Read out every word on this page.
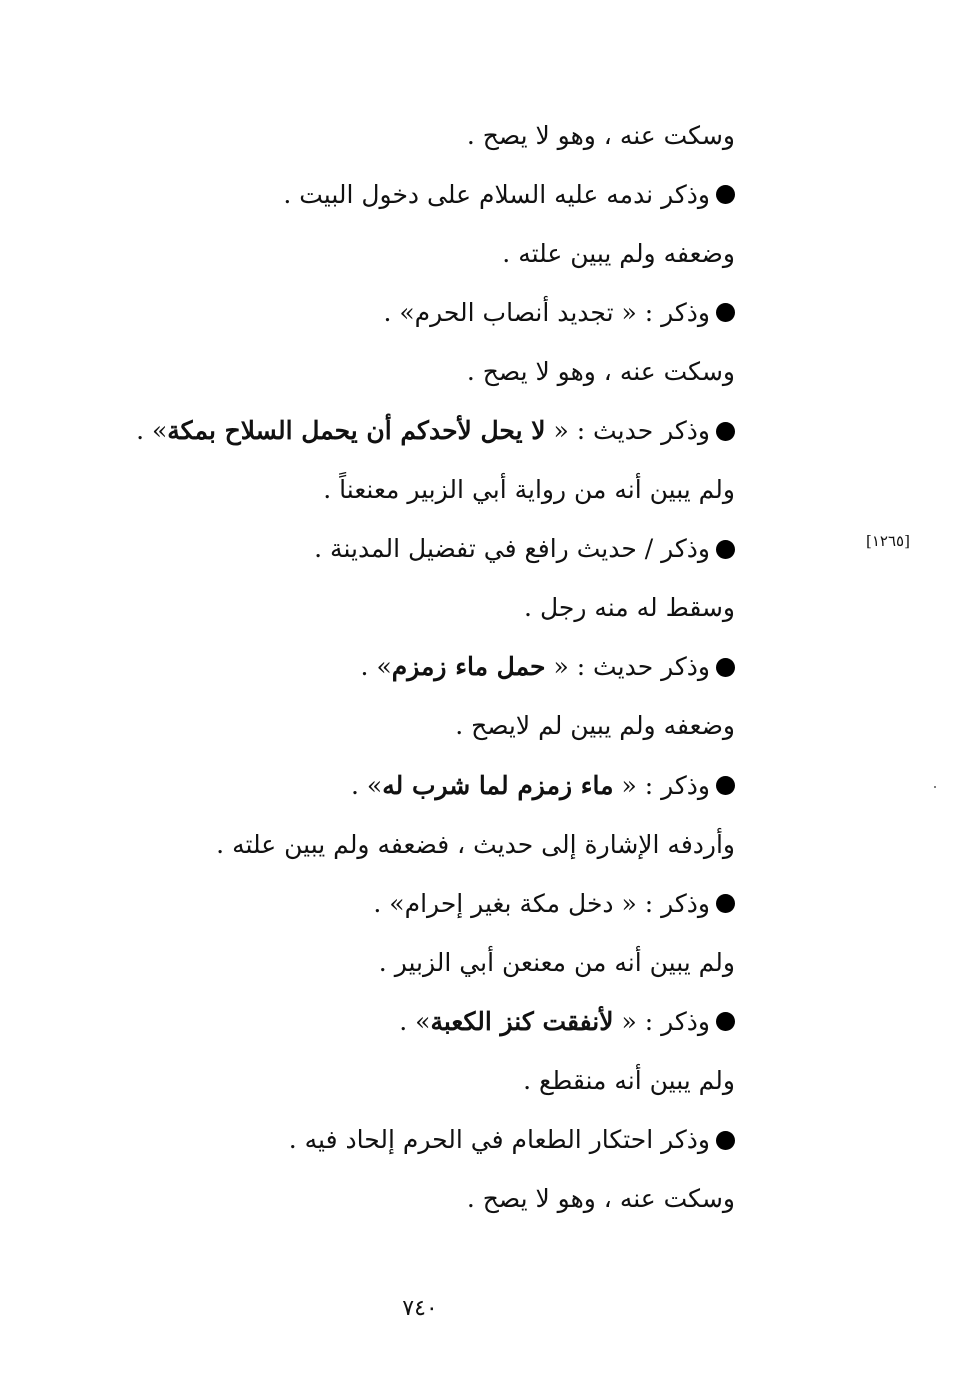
وسكت عنه ، وهو لا يصح .
وذكر ندمه عليه السلام على دخول البيت .
وضعفه ولم يبين علته .
وذكر : « تجديد أنصاب الحرم» .
وسكت عنه ، وهو لا يصح .
وذكر حديث : « لا يحل لأحدكم أن يحمل السلاح بمكة» .
ولم يبين أنه من رواية أبي الزبير معنعناً .
وذكر / حديث رافع في تفضيل المدينة .
وسقط له منه رجل .
وذكر حديث : « حمل ماء زمزم» .
وضعفه ولم يبين لم لايصح .
وذكر : « ماء زمزم لما شرب له» .
وأردفه الإشارة إلى حديث ، فضعفه ولم يبين علته .
وذكر : « دخل مكة بغير إحرام» .
ولم يبين أنه من معنعن أبي الزبير .
وذكر : « لأنفقت كنز الكعبة» .
ولم يبين أنه منقطع .
وذكر احتكار الطعام في الحرم إلحاد فيه .
وسكت عنه ، وهو لا يصح .
[١٢٦٥]
٧٤٠
